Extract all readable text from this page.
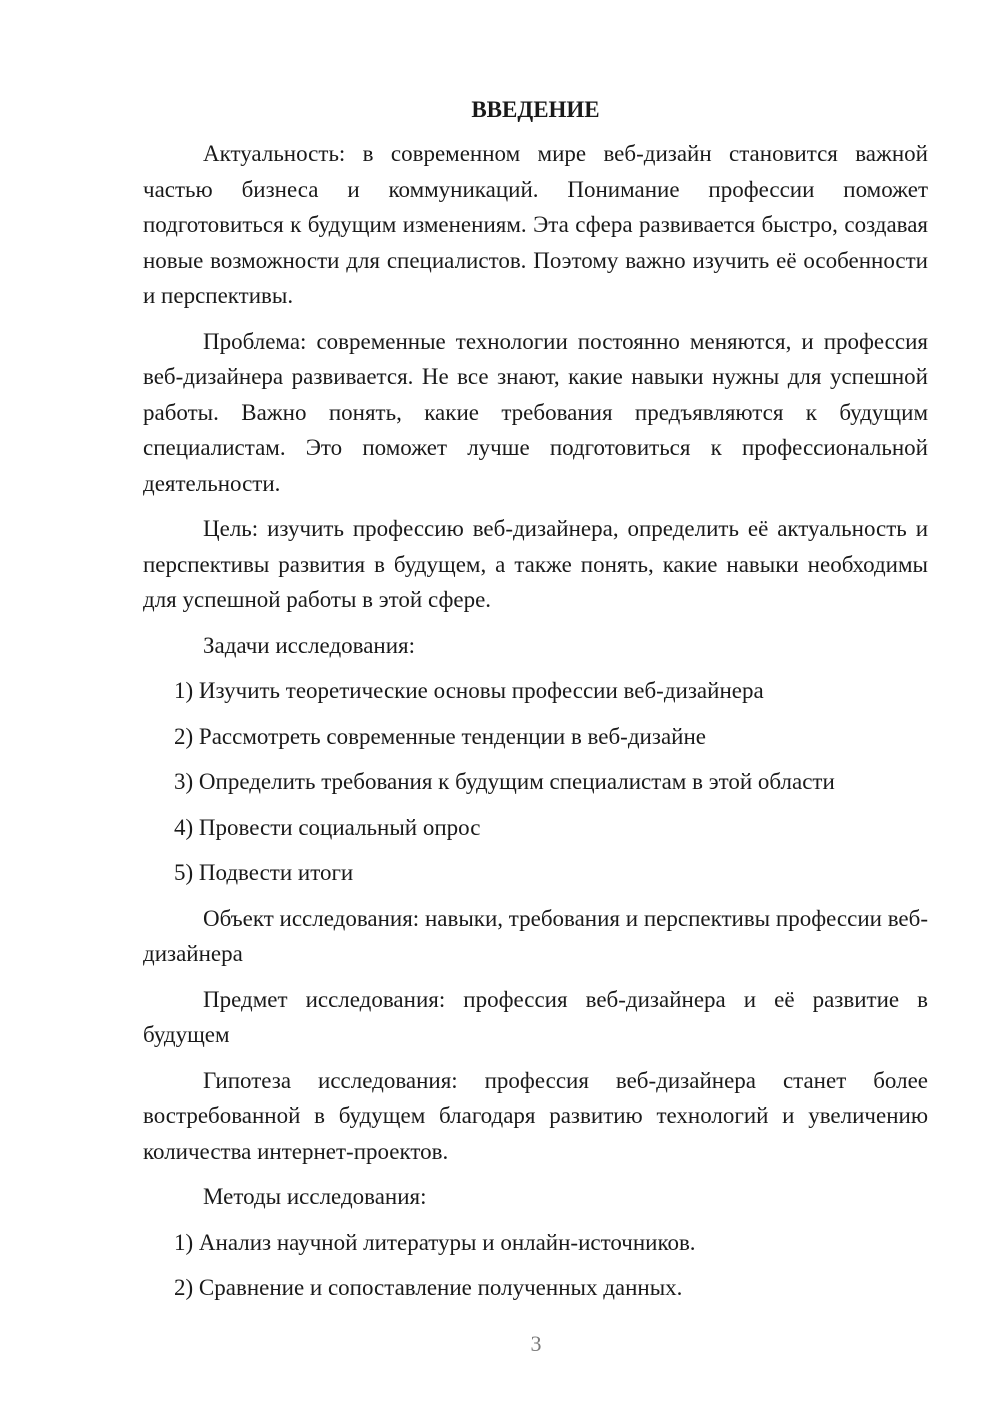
ВВЕДЕНИЕ

Актуальность: в современном мире веб-дизайн становится важной частью бизнеса и коммуникаций. Понимание профессии поможет подготовиться к будущим изменениям. Эта сфера развивается быстро, создавая новые возможности для специалистов. Поэтому важно изучить её особенности и перспективы.

Проблема: современные технологии постоянно меняются, и профессия веб-дизайнера развивается. Не все знают, какие навыки нужны для успешной работы. Важно понять, какие требования предъявляются к будущим специалистам. Это поможет лучше подготовиться к профессиональной деятельности.

Цель: изучить профессию веб-дизайнера, определить её актуальность и перспективы развития в будущем, а также понять, какие навыки необходимы для успешной работы в этой сфере.

Задачи исследования:

1) Изучить теоретические основы профессии веб-дизайнера
2) Рассмотреть современные тенденции в веб-дизайне
3) Определить требования к будущим специалистам в этой области
4) Провести социальный опрос
5) Подвести итоги

Объект исследования: навыки, требования и перспективы профессии веб-дизайнера

Предмет исследования: профессия веб-дизайнера и её развитие в будущем

Гипотеза исследования: профессия веб-дизайнера станет более востребованной в будущем благодаря развитию технологий и увеличению количества интернет-проектов.

Методы исследования:

1) Анализ научной литературы и онлайн-источников.
2) Сравнение и сопоставление полученных данных.
3
